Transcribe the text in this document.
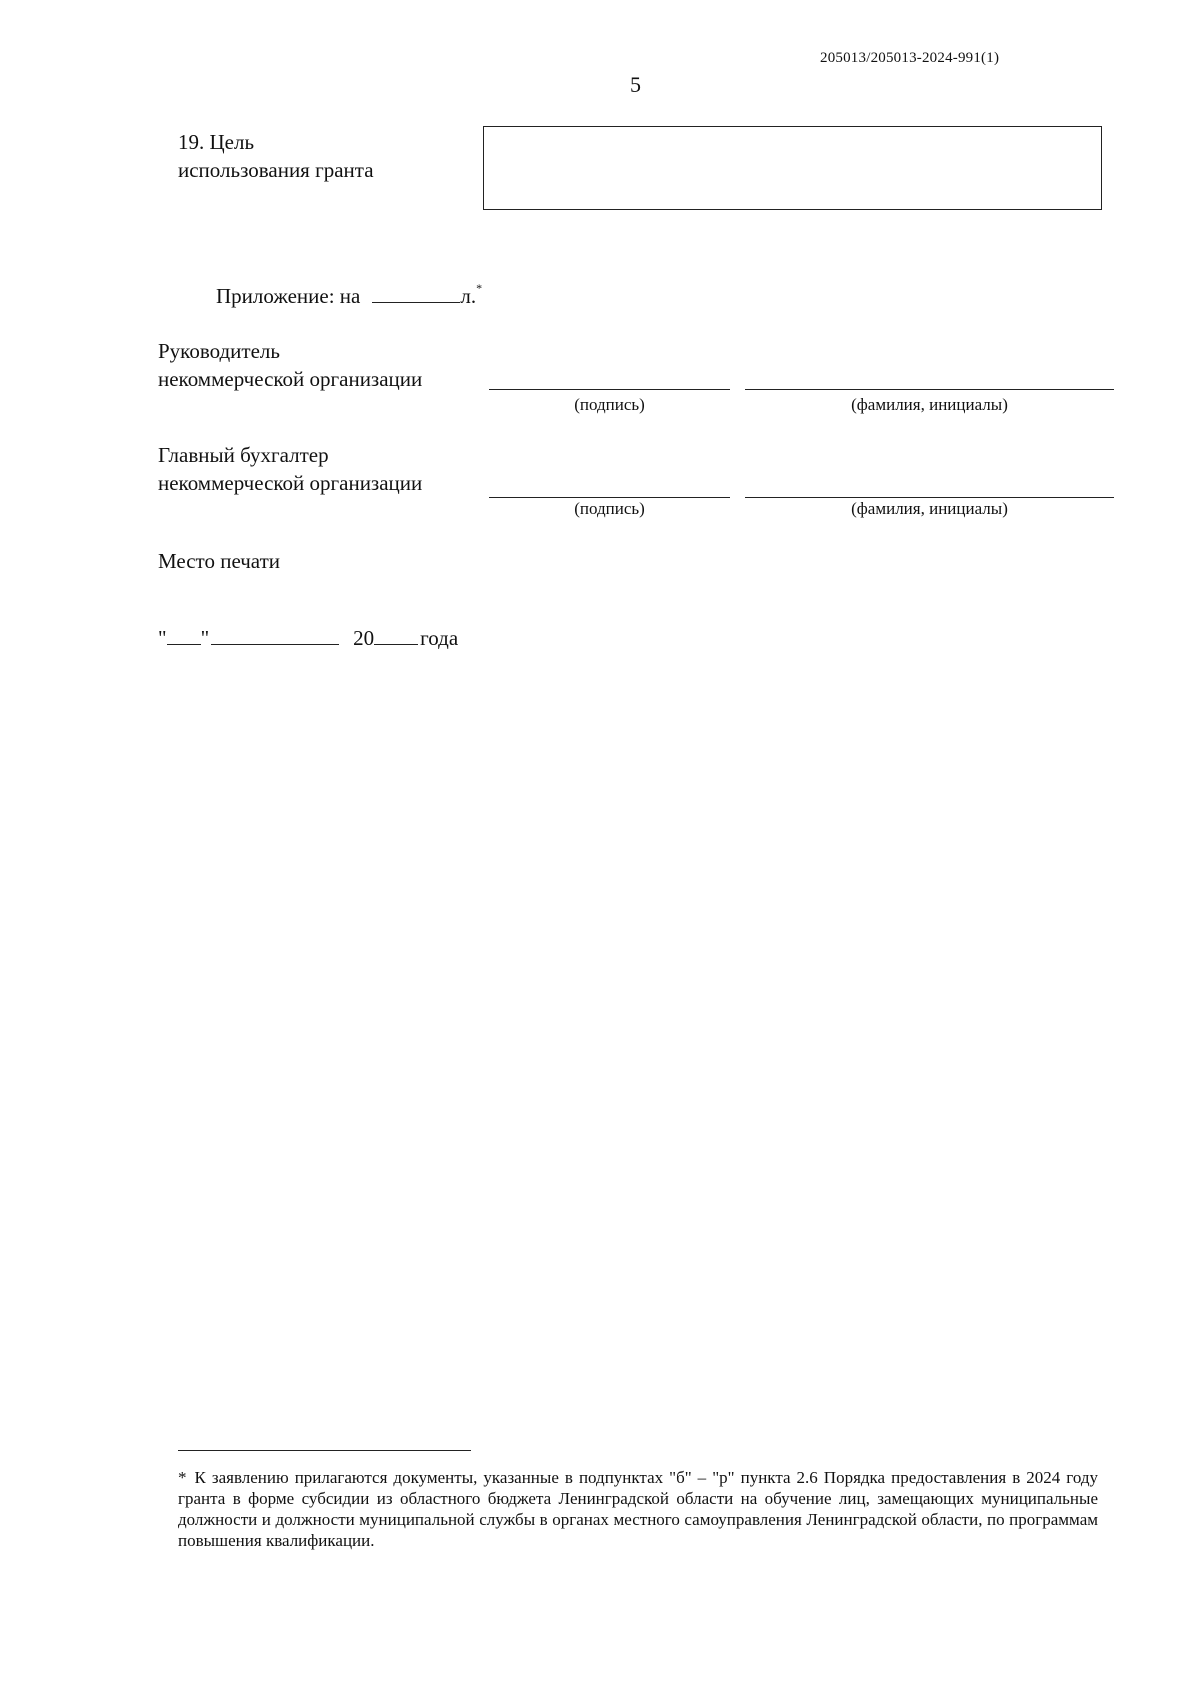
205013/205013-2024-991(1)
5
19. Цель
использования гранта
Приложение: на	л.*
Руководитель
некоммерческой организации
(подпись)	(фамилия, инициалы)
Главный бухгалтер
некоммерческой организации
(подпись)	(фамилия, инициалы)
Место печати
" "	20 года
* К заявлению прилагаются документы, указанные в подпунктах "б" – "р" пункта 2.6 Порядка предоставления в 2024 году гранта в форме субсидии из областного бюджета Ленинградской области на обучение лиц, замещающих муниципальные должности и должности муниципальной службы в органах местного самоуправления Ленинградской области, по программам повышения квалификации.
